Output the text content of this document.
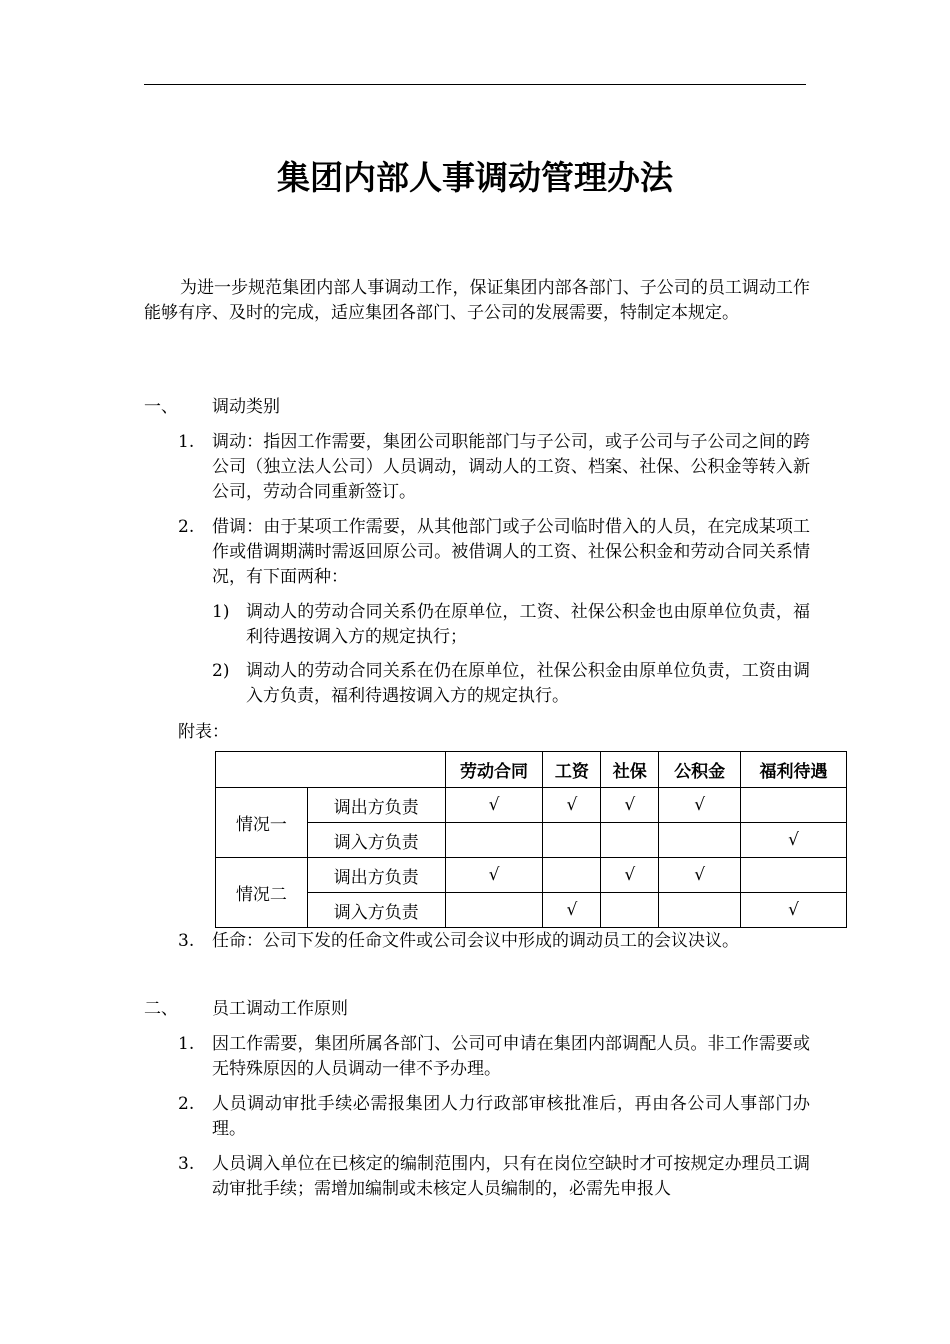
集团内部人事调动管理办法
为进一步规范集团内部人事调动工作，保证集团内部各部门、子公司的员工调动工作能够有序、及时的完成，适应集团各部门、子公司的发展需要，特制定本规定。
一、 调动类别
1. 调动：指因工作需要，集团公司职能部门与子公司，或子公司与子公司之间的跨公司（独立法人公司）人员调动，调动人的工资、档案、社保、公积金等转入新公司，劳动合同重新签订。
2. 借调：由于某项工作需要，从其他部门或子公司临时借入的人员，在完成某项工作或借调期满时需返回原公司。被借调人的工资、社保公积金和劳动合同关系情况，有下面两种：
1) 调动人的劳动合同关系仍在原单位，工资、社保公积金也由原单位负责，福利待遇按调入方的规定执行；
2) 调动人的劳动合同关系在仍在原单位，社保公积金由原单位负责，工资由调入方负责，福利待遇按调入方的规定执行。
附表：
		劳动合同	工资	社保	公积金	福利待遇
情况一	调出方负责	√	√	√	√	
	调入方负责					√
情况二	调出方负责	√		√	√	
	调入方负责		√			√
3. 任命：公司下发的任命文件或公司会议中形成的调动员工的会议决议。
二、 员工调动工作原则
1. 因工作需要，集团所属各部门、公司可申请在集团内部调配人员。非工作需要或无特殊原因的人员调动一律不予办理。
2. 人员调动审批手续必需报集团人力行政部审核批准后，再由各公司人事部门办理。
3. 人员调入单位在已核定的编制范围内，只有在岗位空缺时才可按规定办理员工调动审批手续；需增加编制或未核定人员编制的，必需先申报人
